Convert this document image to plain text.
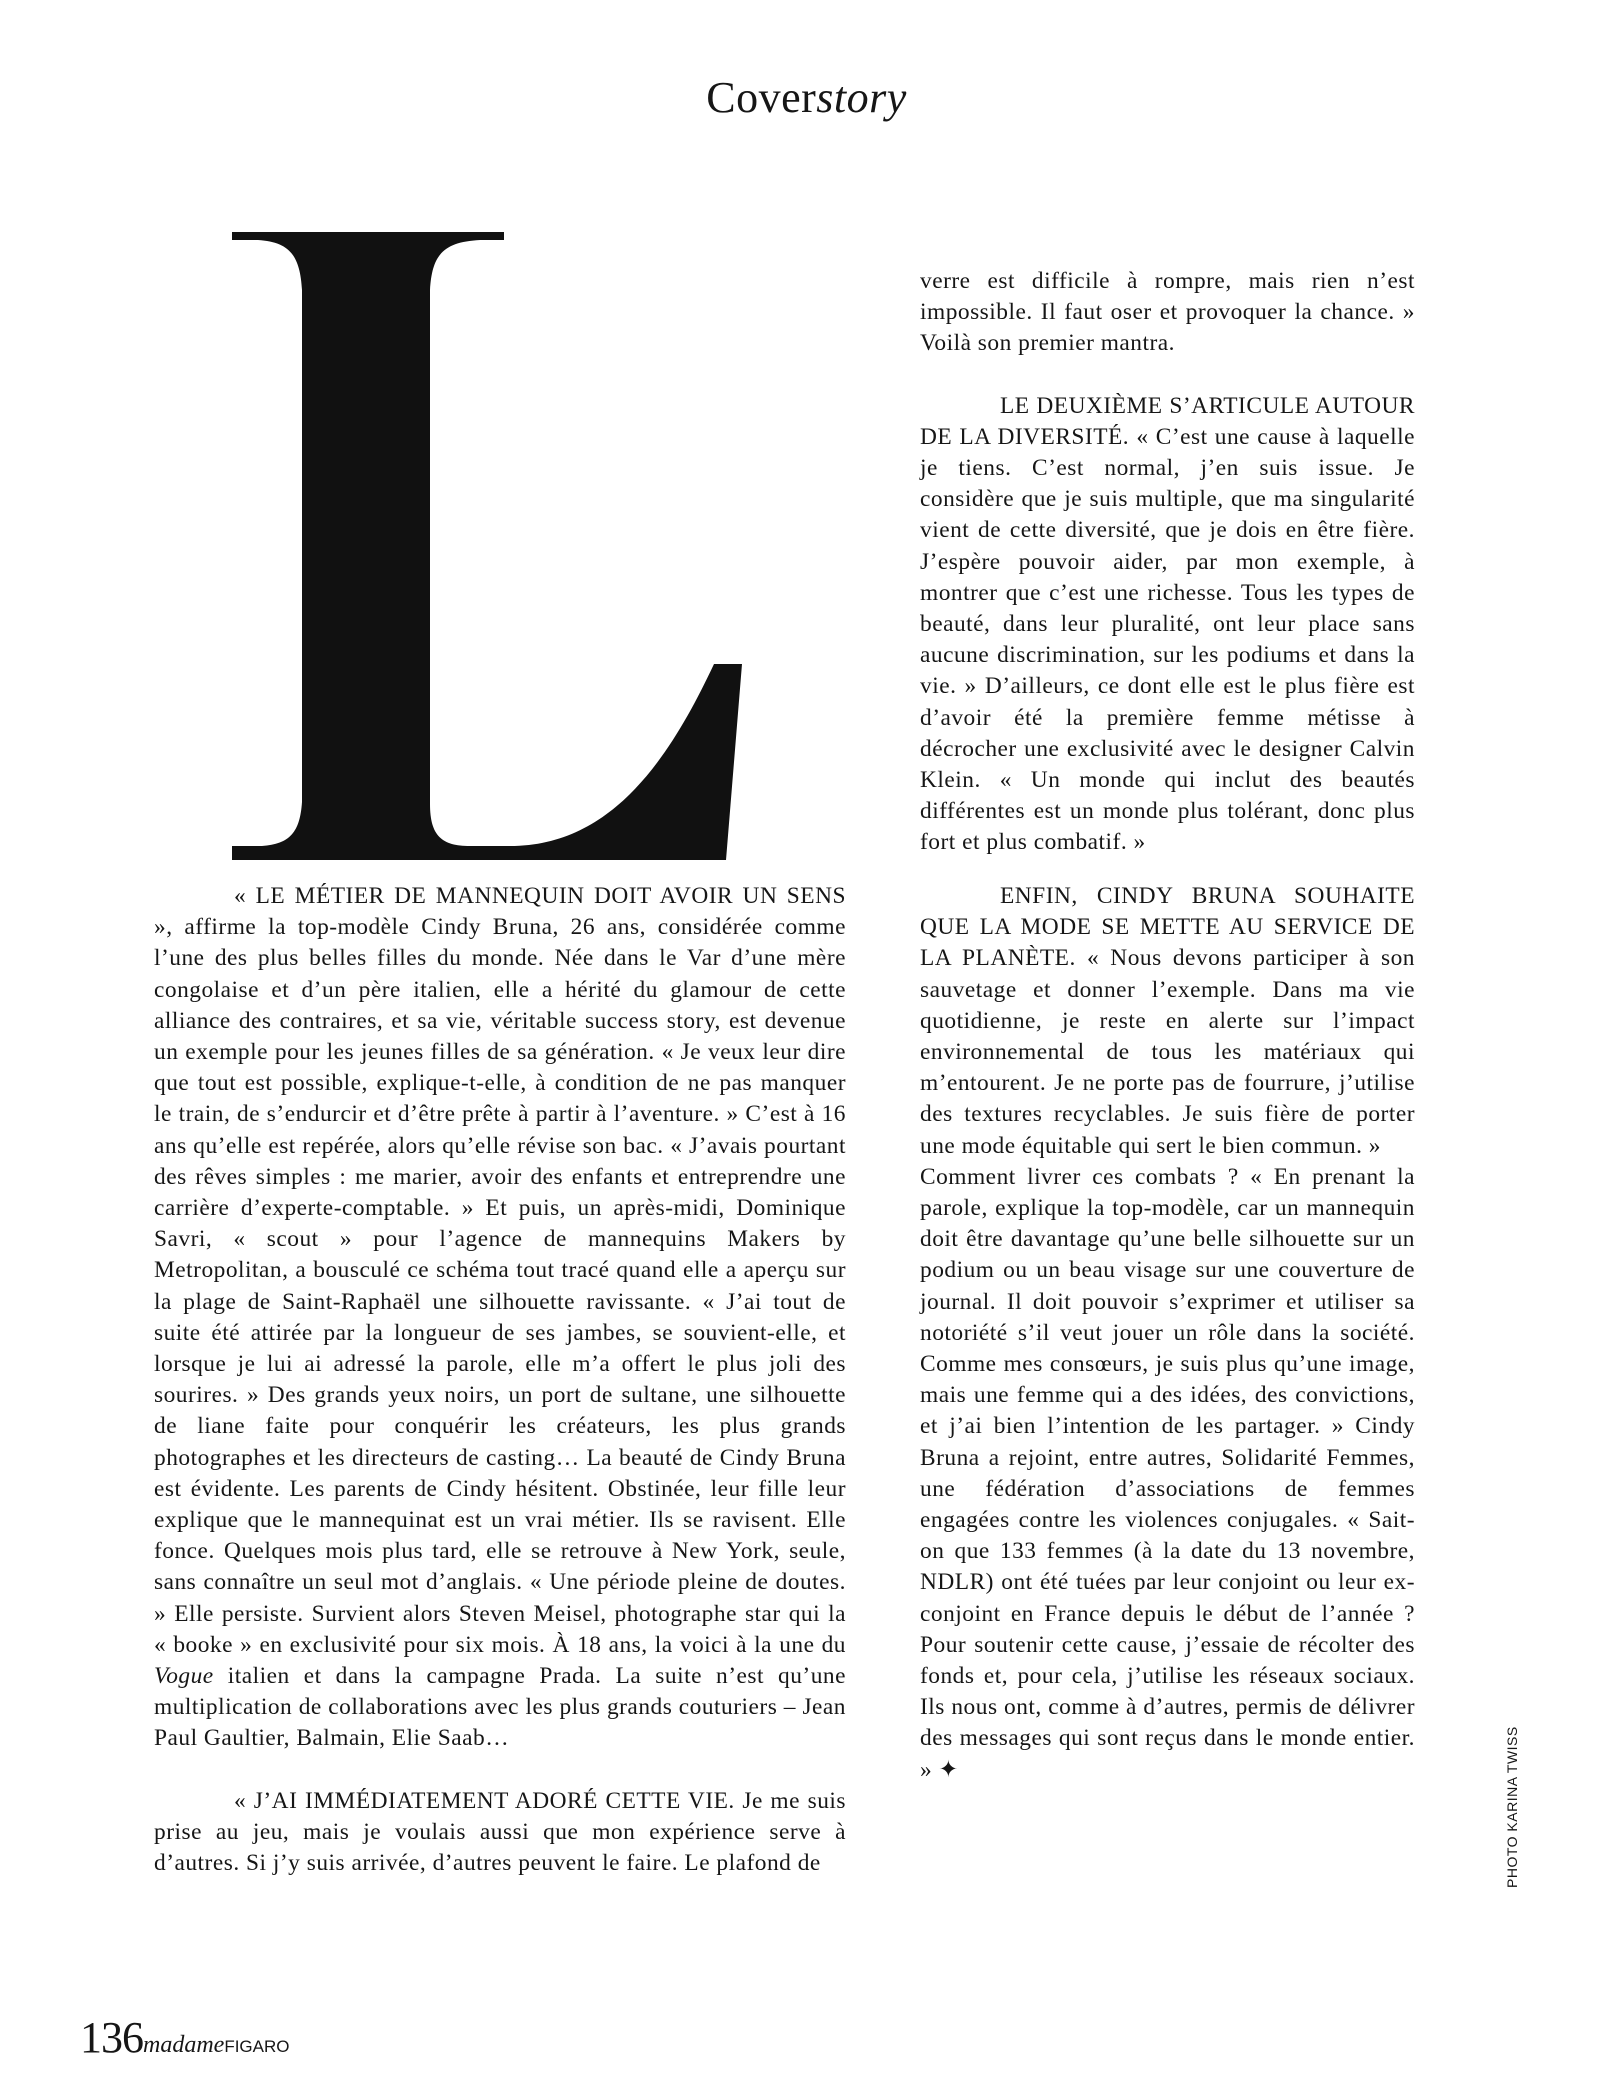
Coverstory

verre est difficile à rompre, mais rien n’est impossible. Il faut oser et provoquer la chance. » Voilà son premier mantra.

LE DEUXIÈME S’ARTICULE AUTOUR DE LA DIVERSITÉ. « C’est une cause à laquelle je tiens. C’est normal, j’en suis issue. Je considère que je suis multiple, que ma singularité vient de cette diversité, que je dois en être fière. J’espère pouvoir aider, par mon exemple, à montrer que c’est une richesse. Tous les types de beauté, dans leur pluralité, ont leur place sans aucune discrimination, sur les podiums et dans la vie. » D’ailleurs, ce dont elle est le plus fière est d’avoir été la première femme métisse à décrocher une exclusivité avec le designer Calvin Klein. « Un monde qui inclut des beautés différentes est un monde plus tolérant, donc plus fort et plus combatif. »

ENFIN, CINDY BRUNA SOUHAITE QUE LA MODE SE METTE AU SERVICE DE LA PLANÈTE. « Nous devons participer à son sauvetage et donner l’exemple. Dans ma vie quotidienne, je reste en alerte sur l’impact environnemental de tous les matériaux qui m’entourent. Je ne porte pas de fourrure, j’utilise des textures recyclables. Je suis fière de porter une mode équitable qui sert le bien commun. »

Comment livrer ces combats ? « En prenant la parole, explique la top-modèle, car un mannequin doit être davantage qu’une belle silhouette sur un podium ou un beau visage sur une couverture de journal. Il doit pouvoir s’exprimer et utiliser sa notoriété s’il veut jouer un rôle dans la société. Comme mes consœurs, je suis plus qu’une image, mais une femme qui a des idées, des convictions, et j’ai bien l’intention de les partager. » Cindy Bruna a rejoint, entre autres, Solidarité Femmes, une fédération d’associations de femmes engagées contre les violences conjugales. « Sait-on que 133 femmes (à la date du 13 novembre, NDLR) ont été tuées par leur conjoint ou leur ex-conjoint en France depuis le début de l’année ? Pour soutenir cette cause, j’essaie de récolter des fonds et, pour cela, j’utilise les réseaux sociaux. Ils nous ont, comme à d’autres, permis de délivrer des messages qui sont reçus dans le monde entier. » ✦

« LE MÉTIER DE MANNEQUIN DOIT AVOIR UN SENS », affirme la top-modèle Cindy Bruna, 26 ans, considérée comme l’une des plus belles filles du monde. Née dans le Var d’une mère congolaise et d’un père italien, elle a hérité du glamour de cette alliance des contraires, et sa vie, véritable success story, est devenue un exemple pour les jeunes filles de sa génération. « Je veux leur dire que tout est possible, explique-t-elle, à condition de ne pas manquer le train, de s’endurcir et d’être prête à partir à l’aventure. » C’est à 16 ans qu’elle est repérée, alors qu’elle révise son bac. « J’avais pourtant des rêves simples : me marier, avoir des enfants et entreprendre une carrière d’experte-comptable. » Et puis, un après-midi, Dominique Savri, « scout » pour l’agence de mannequins Makers by Metropolitan, a bousculé ce schéma tout tracé quand elle a aperçu sur la plage de Saint-Raphaël une silhouette ravissante. « J’ai tout de suite été attirée par la longueur de ses jambes, se souvient-elle, et lorsque je lui ai adressé la parole, elle m’a offert le plus joli des sourires. » Des grands yeux noirs, un port de sultane, une silhouette de liane faite pour conquérir les créateurs, les plus grands photographes et les directeurs de casting… La beauté de Cindy Bruna est évidente. Les parents de Cindy hésitent. Obstinée, leur fille leur explique que le mannequinat est un vrai métier. Ils se ravisent. Elle fonce. Quelques mois plus tard, elle se retrouve à New York, seule, sans connaître un seul mot d’anglais. « Une période pleine de doutes. » Elle persiste. Survient alors Steven Meisel, photographe star qui la « booke » en exclusivité pour six mois. À 18 ans, la voici à la une du Vogue italien et dans la campagne Prada. La suite n’est qu’une multiplication de collaborations avec les plus grands couturiers – Jean Paul Gaultier, Balmain, Elie Saab…

« J’AI IMMÉDIATEMENT ADORÉ CETTE VIE. Je me suis prise au jeu, mais je voulais aussi que mon expérience serve à d’autres. Si j’y suis arrivée, d’autres peuvent le faire. Le plafond de	PHOTO KARINA TWISS
136madameFIGARO
